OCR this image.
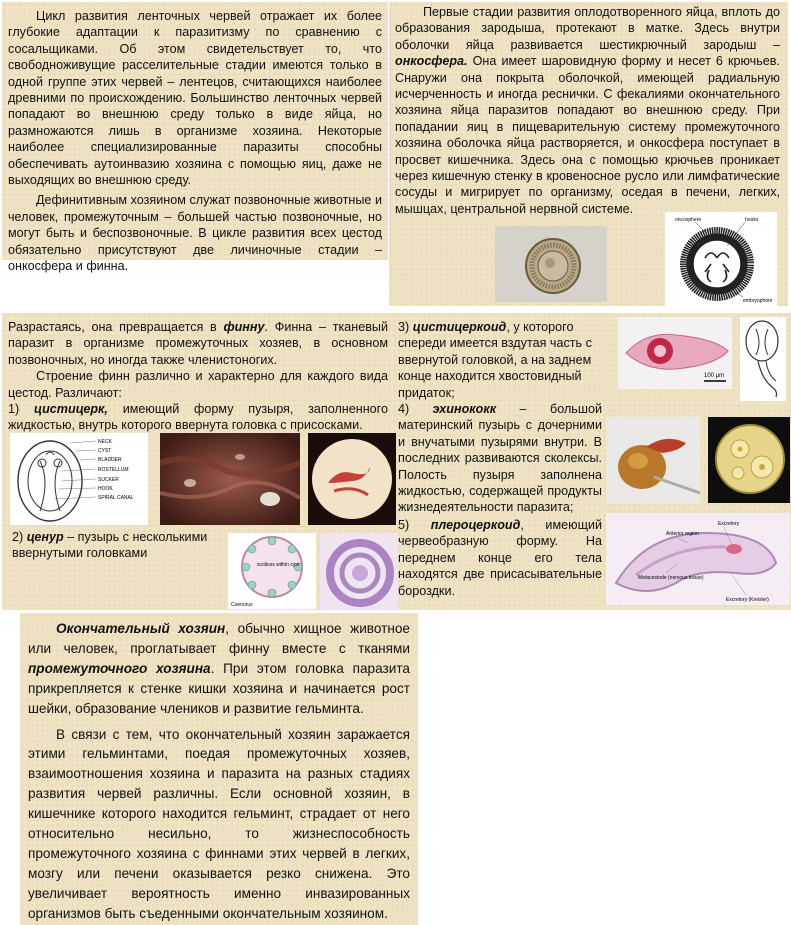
Цикл развития ленточных червей отражает их более глубокие адаптации к паразитизму по сравнению с сосальщиками. Об этом свидетельствует то, что свободноживущие расселительные стадии имеются только в одной группе этих червей – лентецов, считающихся наиболее древними по происхождению. Большинство ленточных червей попадают во внешнюю среду только в виде яйца, но размножаются лишь в организме хозяина. Некоторые наиболее специализированные паразиты способны обеспечивать аутоинвазию хозяина с помощью яиц, даже не выходящих во внешнюю среду.

Дефинитивным хозяином служат позвоночные животные и человек, промежуточным – большей частью позвоночные, но могут быть и беспозвоночные. В цикле развития всех цестод обязательно присутствуют две личиночные стадии – онкосфера и финна.

Первые стадии развития оплодотворенного яйца, вплоть до образования зародыша, протекают в матке. Здесь внутри оболочки яйца развивается шестикрючный зародыш – онкосфера. Она имеет шаровидную форму и несет 6 крючьев. Снаружи она покрыта оболочкой, имеющей радиальную исчерченность и иногда реснички. С фекалиями окончательного хозяина яйца паразитов попадают во внешнюю среду. При попадании яиц в пищеварительную систему промежуточного хозяина оболочка яйца растворяется, и онкосфера поступает в просвет кишечника. Здесь она с помощью крючьев проникает через кишечную стенку в кровеносное русло или лимфатические сосуды и мигрирует по организму, оседая в печени, легких, мышцах, центральной нервной системе.

oncosphere	hooks
embryophore

Разрастаясь, она превращается в финну. Финна – тканевый паразит в организме промежуточных хозяев, в основном позвоночных, но иногда также членистоногих.

Строение финн различно и характерно для каждого вида цестод. Различают:

1) цистицерк, имеющий форму пузыря, заполненного жидкостью, внутрь которого ввернута головка с присосками.

NECK
CYST
BLADDER
ROSTELLUM
SUCKER
HOOK
SPIRAL CANAL

2) ценур – пузырь с несколькими ввернутыми головками

scolices within cyst
Coenurus

3) цистицеркоид, у которого спереди имеется вздутая часть с ввернутой головкой, а на заднем конце находится хвостовидный придаток;

100 µm

4) эхинококк – большой материнский пузырь с дочерними и внучатыми пузырями внутри. В последних развиваются сколексы. Полость пузыря заполнена жидкостью, содержащей продукты жизнедеятельности паразита;

5) плероцеркоид, имеющий червеобразную форму. На переднем конце его тела находятся две присасывательные бороздки.

Anterior region
Excretory
Metacestode (nervous tissue)
Excretory (Kreisler)

Окончательный хозяин, обычно хищное животное или человек, проглатывает финну вместе с тканями промежуточного хозяина. При этом головка паразита прикрепляется к стенке кишки хозяина и начинается рост шейки, образование члеников и развитие гельминта.

В связи с тем, что окончательный хозяин заражается этими гельминтами, поедая промежуточных хозяев, взаимоотношения хозяина и паразита на разных стадиях развития червей различны. Если основной хозяин, в кишечнике которого находится гельминт, страдает от него относительно несильно, то жизнеспособность промежуточного хозяина с финнами этих червей в легких, мозгу или печени оказывается резко снижена. Это увеличивает вероятность именно инвазированных организмов быть съеденными окончательным хозяином.
